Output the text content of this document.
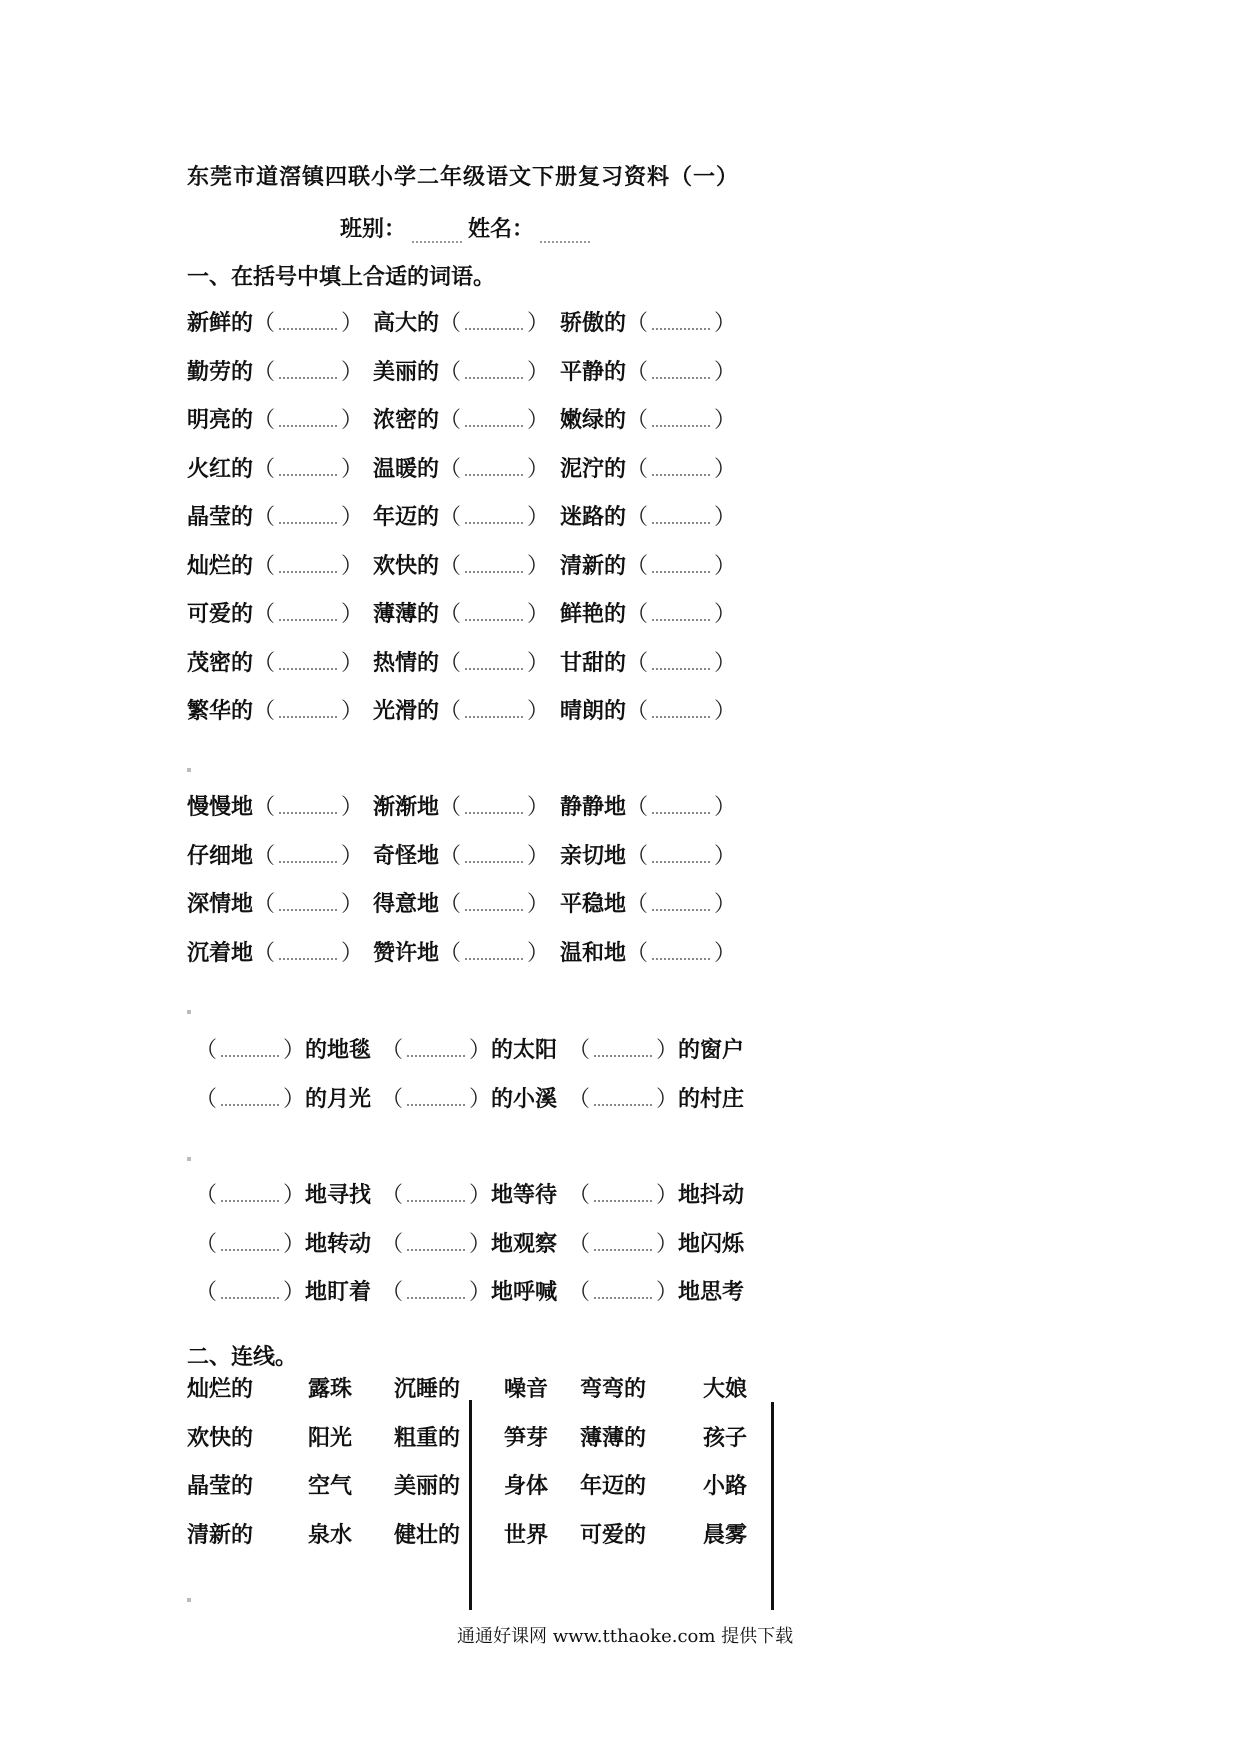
东莞市道滘镇四联小学二年级语文下册复习资料（一）
班别：	姓名：
一、在括号中填上合适的词语。
新鲜的（	） 高大的（	） 骄傲的（	）
勤劳的（	） 美丽的（	） 平静的（	）
明亮的（	） 浓密的（	） 嫩绿的（	）
火红的（	） 温暖的（	） 泥泞的（	）
晶莹的（	） 年迈的（	） 迷路的（	）
灿烂的（	） 欢快的（	） 清新的（	）
可爱的（	） 薄薄的（	） 鲜艳的（	）
茂密的（	） 热情的（	） 甘甜的（	）
繁华的（	） 光滑的（	） 晴朗的（	）
慢慢地（	） 渐渐地（	） 静静地（	）
仔细地（	） 奇怪地（	） 亲切地（	）
深情地（	） 得意地（	） 平稳地（	）
沉着地（	） 赞许地（	） 温和地（	）
（	）的地毯 （	）的太阳 （	）的窗户
（	）的月光 （	）的小溪 （	）的村庄
（	）地寻找 （	）地等待 （	）地抖动
（	）地转动 （	）地观察 （	）地闪烁
（	）地盯着 （	）地呼喊 （	）地思考
二、连线。
灿烂的 露珠 沉睡的 噪音 弯弯的	大娘
欢快的 阳光 粗重的 笋芽 薄薄的	孩子
晶莹的 空气 美丽的 身体 年迈的	小路
清新的 泉水 健壮的 世界 可爱的	晨雾
通通好课网 www.tthaoke.com 提供下载
